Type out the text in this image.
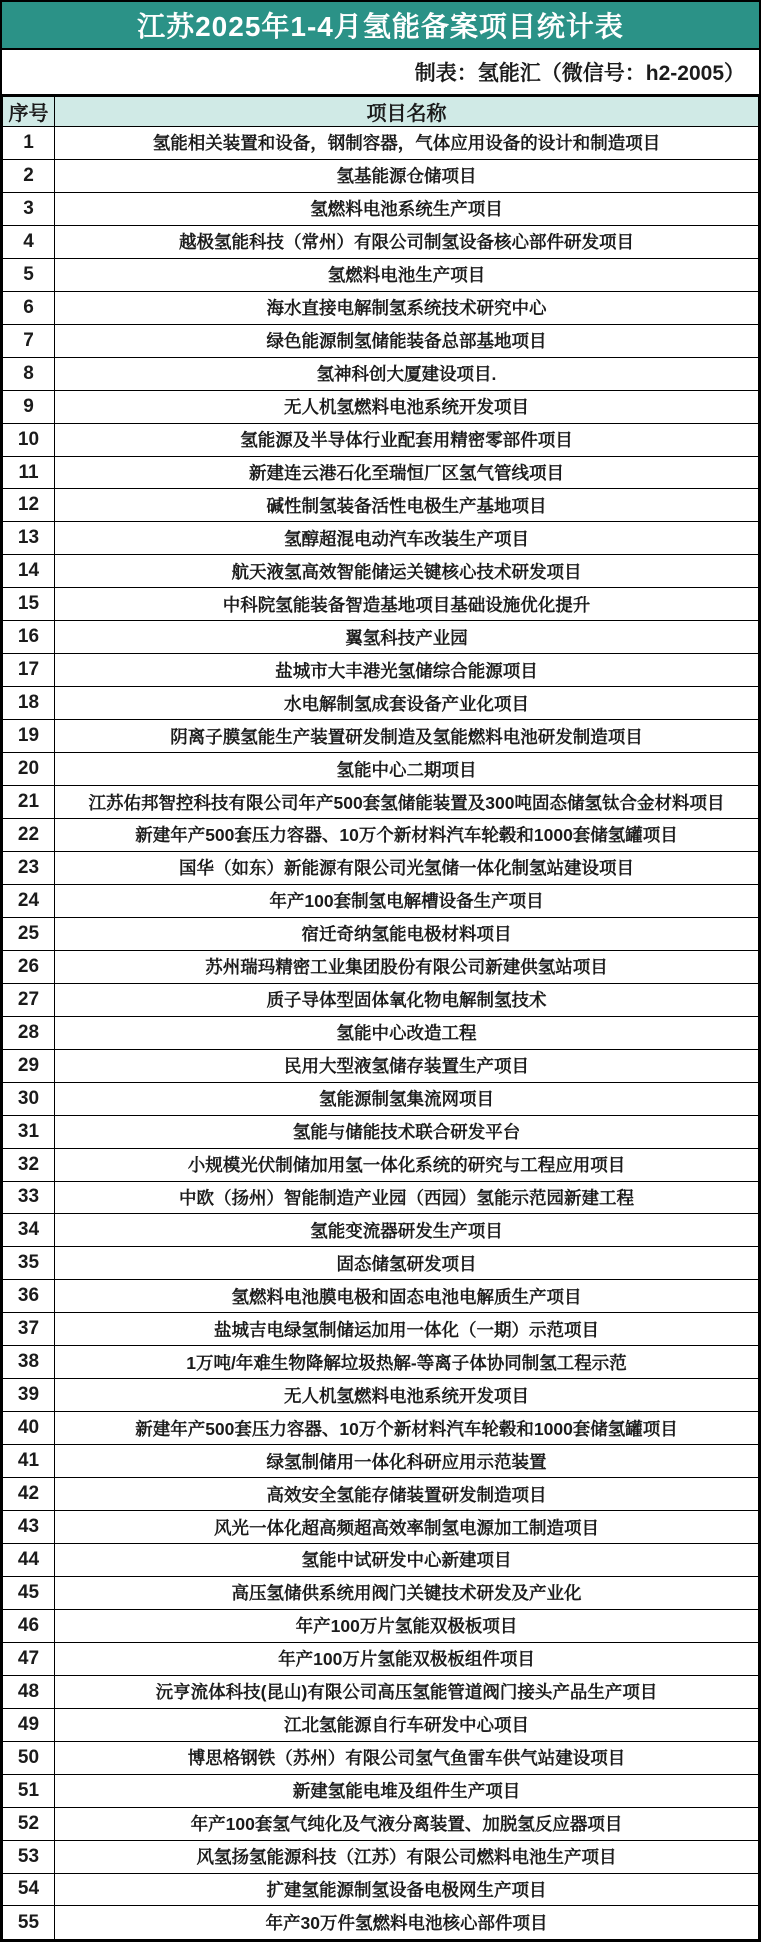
江苏2025年1-4月氢能备案项目统计表
制表：氢能汇（微信号：h2-2005）
序号	项目名称
1	氢能相关装置和设备，钢制容器，气体应用设备的设计和制造项目
2	氢基能源仓储项目
3	氢燃料电池系统生产项目
4	越极氢能科技（常州）有限公司制氢设备核心部件研发项目
5	氢燃料电池生产项目
6	海水直接电解制氢系统技术研究中心
7	绿色能源制氢储能装备总部基地项目
8	氢神科创大厦建设项目.
9	无人机氢燃料电池系统开发项目
10	氢能源及半导体行业配套用精密零部件项目
11	新建连云港石化至瑞恒厂区氢气管线项目
12	碱性制氢装备活性电极生产基地项目
13	氢醇超混电动汽车改装生产项目
14	航天液氢高效智能储运关键核心技术研发项目
15	中科院氢能装备智造基地项目基础设施优化提升
16	翼氢科技产业园
17	盐城市大丰港光氢储综合能源项目
18	水电解制氢成套设备产业化项目
19	阴离子膜氢能生产装置研发制造及氢能燃料电池研发制造项目
20	氢能中心二期项目
21	江苏佑邦智控科技有限公司年产500套氢储能装置及300吨固态储氢钛合金材料项目
22	新建年产500套压力容器、10万个新材料汽车轮毂和1000套储氢罐项目
23	国华（如东）新能源有限公司光氢储一体化制氢站建设项目
24	年产100套制氢电解槽设备生产项目
25	宿迁奇纳氢能电极材料项目
26	苏州瑞玛精密工业集团股份有限公司新建供氢站项目
27	质子导体型固体氧化物电解制氢技术
28	氢能中心改造工程
29	民用大型液氢储存装置生产项目
30	氢能源制氢集流网项目
31	氢能与储能技术联合研发平台
32	小规模光伏制储加用氢一体化系统的研究与工程应用项目
33	中欧（扬州）智能制造产业园（西园）氢能示范园新建工程
34	氢能变流器研发生产项目
35	固态储氢研发项目
36	氢燃料电池膜电极和固态电池电解质生产项目
37	盐城吉电绿氢制储运加用一体化（一期）示范项目
38	1万吨/年难生物降解垃圾热解-等离子体协同制氢工程示范
39	无人机氢燃料电池系统开发项目
40	新建年产500套压力容器、10万个新材料汽车轮毂和1000套储氢罐项目
41	绿氢制储用一体化科研应用示范装置
42	高效安全氢能存储装置研发制造项目
43	风光一体化超高频超高效率制氢电源加工制造项目
44	氢能中试研发中心新建项目
45	高压氢储供系统用阀门关键技术研发及产业化
46	年产100万片氢能双极板项目
47	年产100万片氢能双极板组件项目
48	沅亨流体科技(昆山)有限公司高压氢能管道阀门接头产品生产项目
49	江北氢能源自行车研发中心项目
50	博思格钢铁（苏州）有限公司氢气鱼雷车供气站建设项目
51	新建氢能电堆及组件生产项目
52	年产100套氢气纯化及气液分离装置、加脱氢反应器项目
53	风氢扬氢能源科技（江苏）有限公司燃料电池生产项目
54	扩建氢能源制氢设备电极网生产项目
55	年产30万件氢燃料电池核心部件项目
